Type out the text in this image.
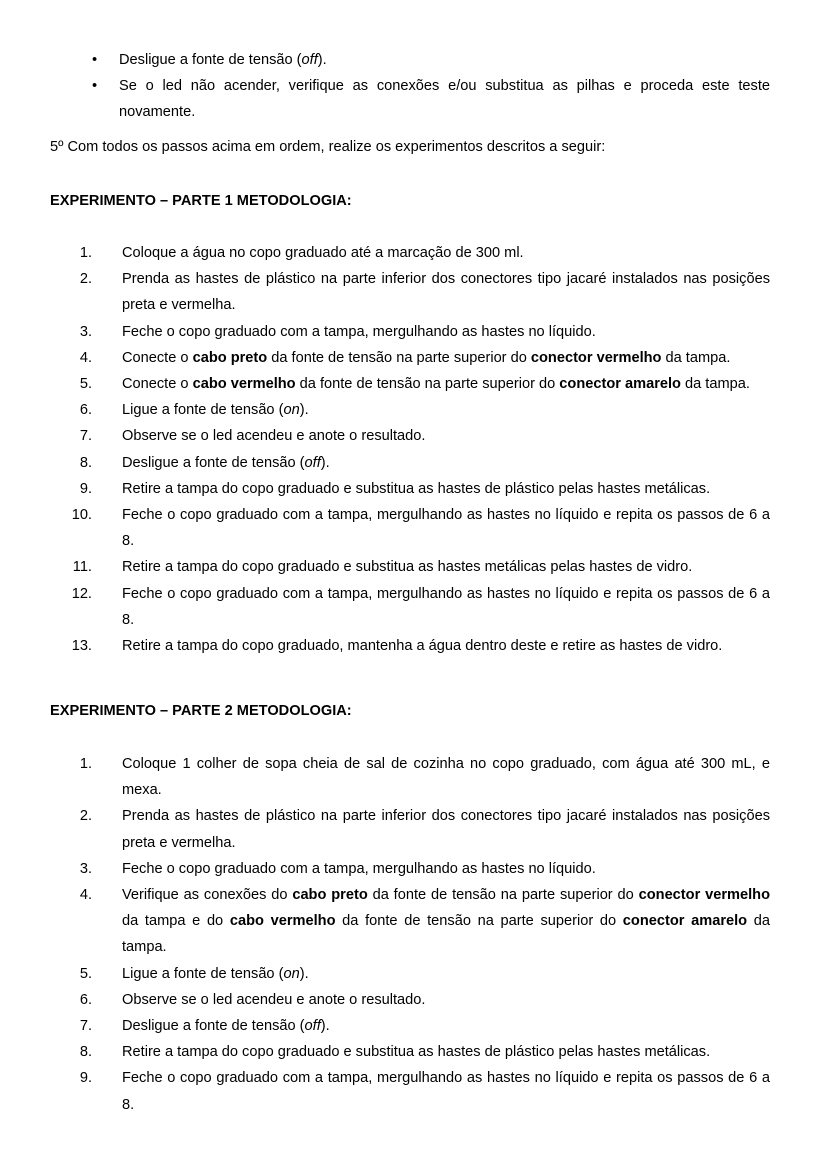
• Desligue a fonte de tensão (off).
• Se o led não acender, verifique as conexões e/ou substitua as pilhas e proceda este teste novamente.
5º Com todos os passos acima em ordem, realize os experimentos descritos a seguir:
EXPERIMENTO – PARTE 1 METODOLOGIA:
1. Coloque a água no copo graduado até a marcação de 300 ml.
2. Prenda as hastes de plástico na parte inferior dos conectores tipo jacaré instalados nas posições preta e vermelha.
3. Feche o copo graduado com a tampa, mergulhando as hastes no líquido.
4. Conecte o cabo preto da fonte de tensão na parte superior do conector vermelho da tampa.
5. Conecte o cabo vermelho da fonte de tensão na parte superior do conector amarelo da tampa.
6. Ligue a fonte de tensão (on).
7. Observe se o led acendeu e anote o resultado.
8. Desligue a fonte de tensão (off).
9. Retire a tampa do copo graduado e substitua as hastes de plástico pelas hastes metálicas.
10. Feche o copo graduado com a tampa, mergulhando as hastes no líquido e repita os passos de 6 a 8.
11. Retire a tampa do copo graduado e substitua as hastes metálicas pelas hastes de vidro.
12. Feche o copo graduado com a tampa, mergulhando as hastes no líquido e repita os passos de 6 a 8.
13. Retire a tampa do copo graduado, mantenha a água dentro deste e retire as hastes de vidro.
EXPERIMENTO – PARTE 2 METODOLOGIA:
1. Coloque 1 colher de sopa cheia de sal de cozinha no copo graduado, com água até 300 mL, e mexa.
2. Prenda as hastes de plástico na parte inferior dos conectores tipo jacaré instalados nas posições preta e vermelha.
3. Feche o copo graduado com a tampa, mergulhando as hastes no líquido.
4. Verifique as conexões do cabo preto da fonte de tensão na parte superior do conector vermelho da tampa e do cabo vermelho da fonte de tensão na parte superior do conector amarelo da tampa.
5. Ligue a fonte de tensão (on).
6. Observe se o led acendeu e anote o resultado.
7. Desligue a fonte de tensão (off).
8. Retire a tampa do copo graduado e substitua as hastes de plástico pelas hastes metálicas.
9. Feche o copo graduado com a tampa, mergulhando as hastes no líquido e repita os passos de 6 a 8.
